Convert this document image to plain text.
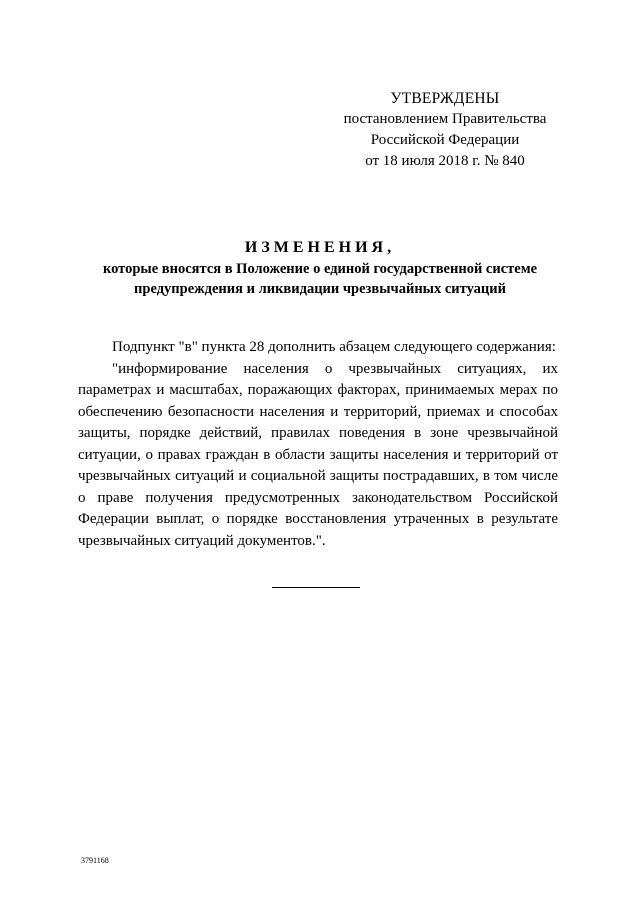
УТВЕРЖДЕНЫ
постановлением Правительства
Российской Федерации
от 18 июля 2018 г. № 840
ИЗМЕНЕНИЯ,
которые вносятся в Положение о единой государственной системе
предупреждения и ликвидации чрезвычайных ситуаций

Подпункт "в" пункта 28 дополнить абзацем следующего содержания:

"информирование населения о чрезвычайных ситуациях, их параметрах и масштабах, поражающих факторах, принимаемых мерах по обеспечению безопасности населения и территорий, приемах и способах защиты, порядке действий, правилах поведения в зоне чрезвычайной ситуации, о правах граждан в области защиты населения и территорий от чрезвычайных ситуаций и социальной защиты пострадавших, в том числе о праве получения предусмотренных законодательством Российской Федерации выплат, о порядке восстановления утраченных в результате чрезвычайных ситуаций документов.".

3791168
